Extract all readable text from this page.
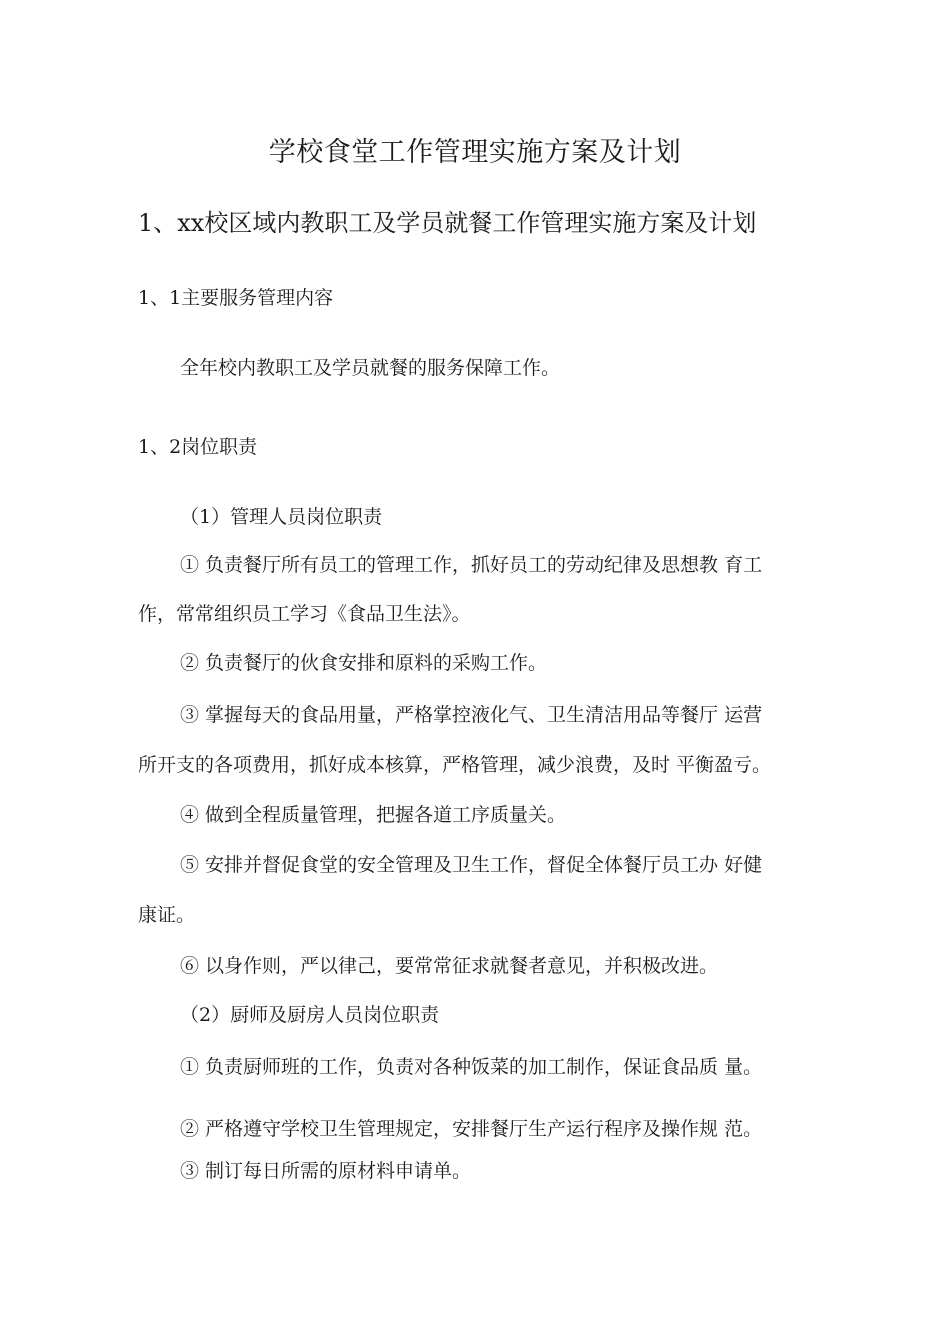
学校食堂工作管理实施方案及计划
1、xx校区域内教职工及学员就餐工作管理实施方案及计划
1、1主要服务管理内容
全年校内教职工及学员就餐的服务保障工作。
1、2岗位职责
（1）管理人员岗位职责
① 负责餐厅所有员工的管理工作，抓好员工的劳动纪律及思想教 育工
作，常常组织员工学习《食品卫生法》。
② 负责餐厅的伙食安排和原料的采购工作。
③ 掌握每天的食品用量，严格掌控液化气、卫生清洁用品等餐厅 运营
所开支的各项费用，抓好成本核算，严格管理，减少浪费，及时 平衡盈亏。
④ 做到全程质量管理，把握各道工序质量关。
⑤ 安排并督促食堂的安全管理及卫生工作，督促全体餐厅员工办 好健
康证。
⑥ 以身作则，严以律己，要常常征求就餐者意见，并积极改进。
（2）厨师及厨房人员岗位职责
① 负责厨师班的工作，负责对各种饭菜的加工制作，保证食品质 量。
② 严格遵守学校卫生管理规定，安排餐厅生产运行程序及操作规 范。
③ 制订每日所需的原材料申请单。
